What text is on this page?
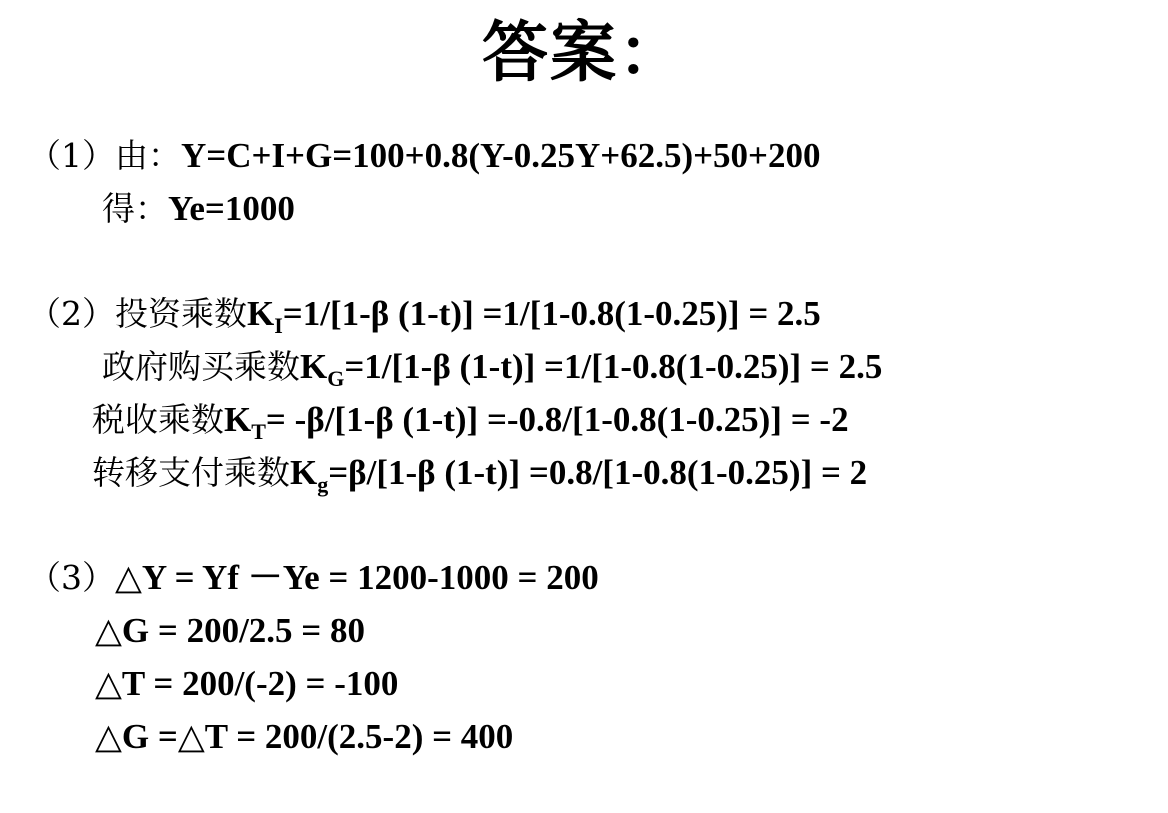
答案：
（1）由：Y=C+I+G=100+0.8(Y-0.25Y+62.5)+50+200
得：Ye=1000
（2）投资乘数$K_I=1/[1-\beta$ (1-t)] =1/[1-0.8(1-0.25)] = 2.5
政府购买乘数$K_G=1/[1-\beta$ (1-t)] =1/[1-0.8(1-0.25)] = 2.5
税收乘数$K_T= -\beta/[1-\beta$ (1-t)] =-0.8/[1-0.8(1-0.25)] = -2
转移支付乘数$K_g=\beta/[1-\beta$ (1-t)] =0.8/[1-0.8(1-0.25)] = 2
（3）△Y = Yf －Ye = 1200-1000 = 200
△G = 200/2.5 = 80
△T = 200/(-2) = -100
△G =△T = 200/(2.5-2) = 400
